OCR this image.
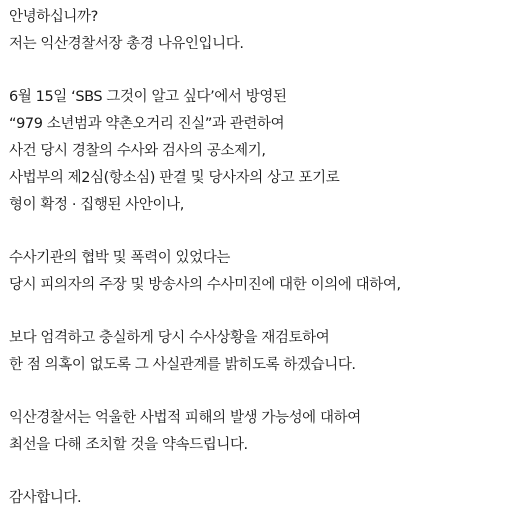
안녕하십니까?
저는 익산경찰서장 총경 나유인입니다.
6월 15일 ‘SBS 그것이 알고 싶다’에서 방영된
“979 소년범과 약촌오거리 진실”과 관련하여
사건 당시 경찰의 수사와 검사의 공소제기,
사법부의 제2심(항소심) 판결 및 당사자의 상고 포기로
형이 확정 · 집행된 사안이나,
수사기관의 협박 및 폭력이 있었다는
당시 피의자의 주장 및 방송사의 수사미진에 대한 이의에 대하여,
보다 엄격하고 충실하게 당시 수사상황을 재검토하여
한 점 의혹이 없도록 그 사실관계를 밝히도록 하겠습니다.
익산경찰서는 억울한 사법적 피해의 발생 가능성에 대하여
최선을 다해 조치할 것을 약속드립니다.
감사합니다.
